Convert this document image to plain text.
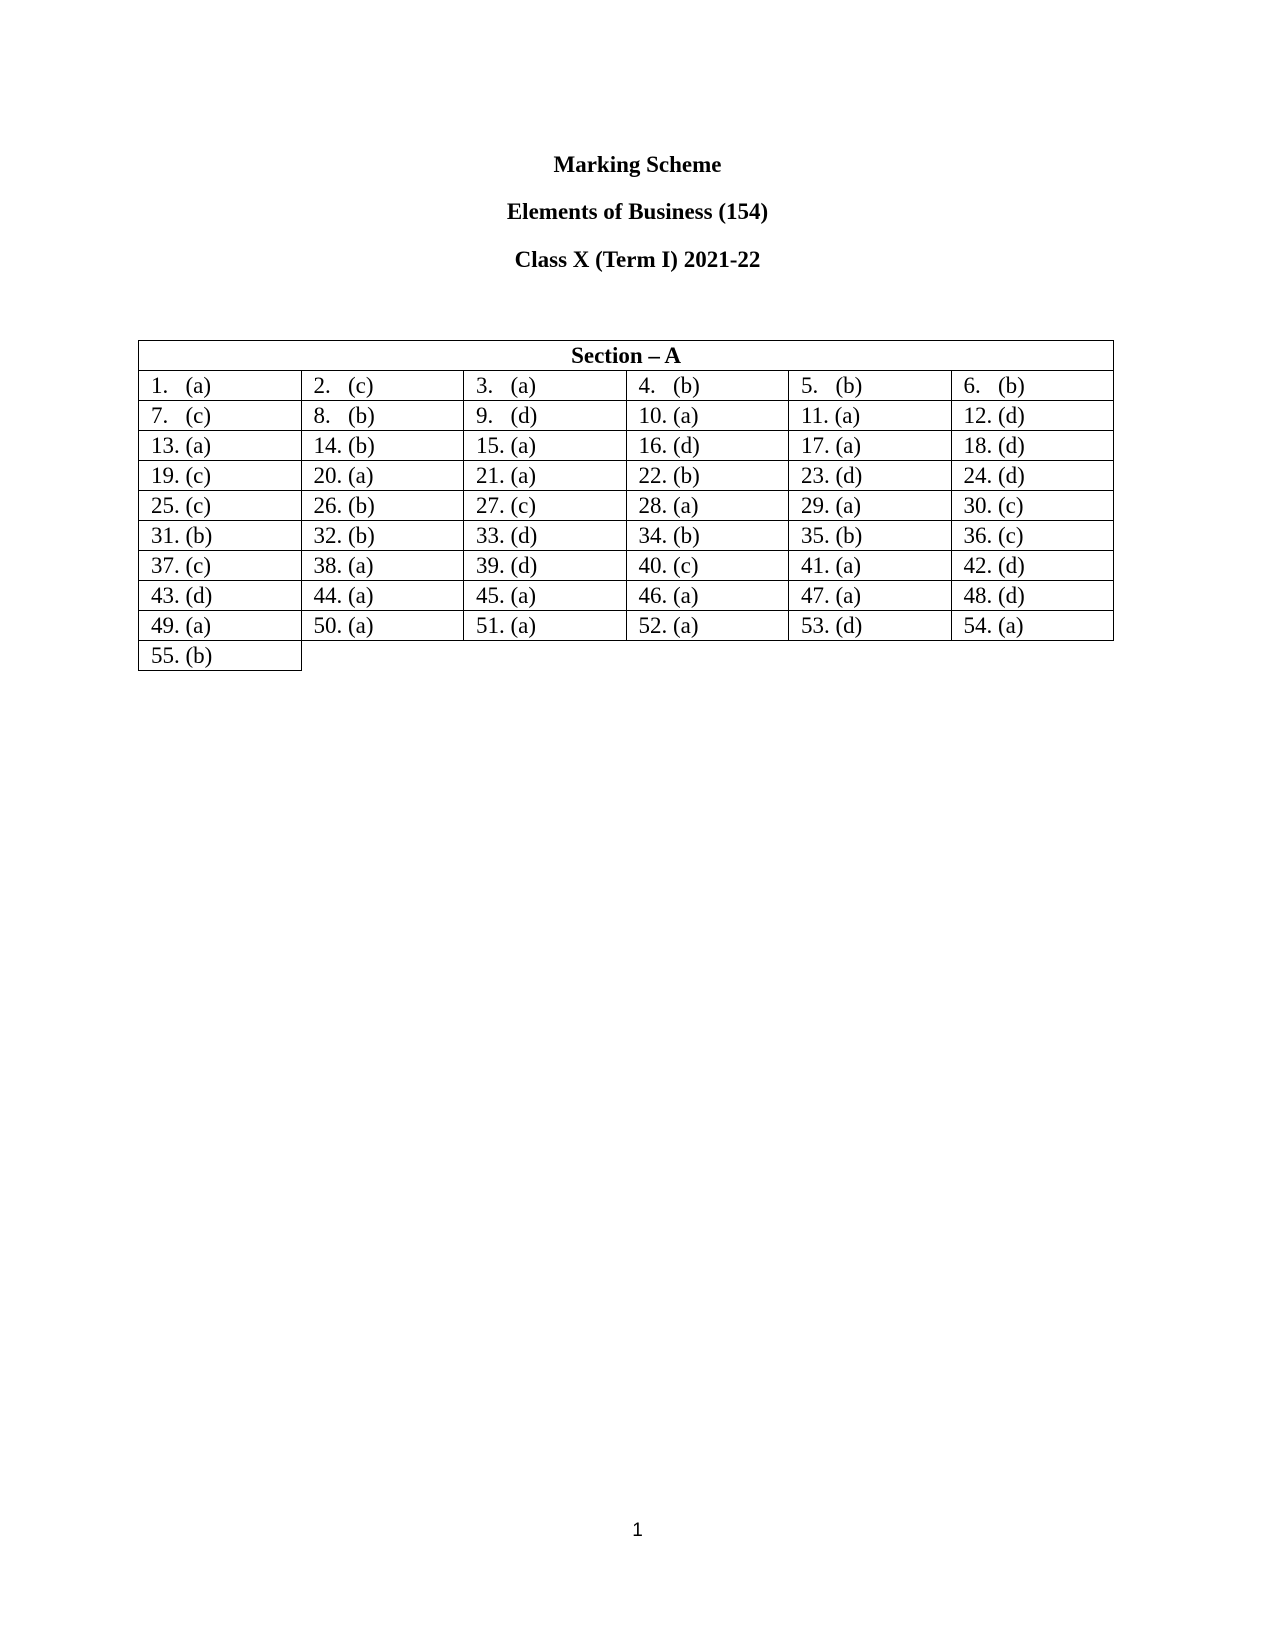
Marking Scheme
Elements of Business (154)
Class X (Term I) 2021-22
Section – A					
1.   (a)	2.   (c)	3.   (a)	4.   (b)	5.   (b)	6.   (b)
7.   (c)	8.   (b)	9.   (d)	10. (a)	11. (a)	12. (d)
13. (a)	14. (b)	15. (a)	16. (d)	17. (a)	18. (d)
19. (c)	20. (a)	21. (a)	22. (b)	23. (d)	24. (d)
25. (c)	26. (b)	27. (c)	28. (a)	29. (a)	30. (c)
31. (b)	32. (b)	33. (d)	34. (b)	35. (b)	36. (c)
37. (c)	38. (a)	39. (d)	40. (c)	41. (a)	42. (d)
43. (d)	44. (a)	45. (a)	46. (a)	47. (a)	48. (d)
49. (a)	50. (a)	51. (a)	52. (a)	53. (d)	54. (a)
55. (b)					
1
